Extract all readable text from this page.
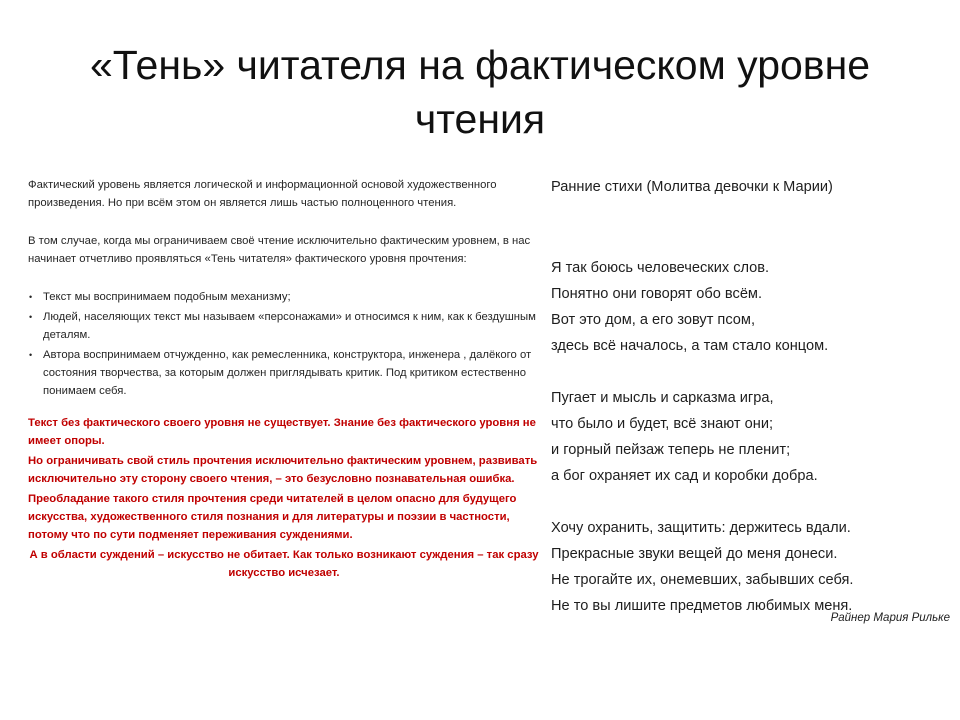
«Тень» читателя на фактическом уровне
чтения

Фактический уровень является логической и информационной основой художественного произведения. Но при всём этом он является лишь частью полноценного чтения.

В том случае, когда мы ограничиваем своё чтение исключительно фактическим уровнем, в нас начинает отчетливо проявляться «Тень читателя» фактического уровня прочтения:

• Текст мы воспринимаем подобным механизму;
• Людей, населяющих текст мы называем «персонажами» и относимся к ним, как к бездушным деталям.
• Автора воспринимаем отчужденно, как ремесленника, конструктора, инженера , далёкого от состояния творчества, за которым должен приглядывать критик. Под критиком естественно понимаем себя.

Текст без фактического своего уровня не существует. Знание без фактического уровня не имеет опоры.

Но ограничивать свой стиль прочтения исключительно фактическим уровнем, развивать исключительно эту сторону своего чтения, – это безусловно познавательная ошибка.

Преобладание такого стиля прочтения среди читателей в целом опасно для будущего искусства, художественного стиля познания и для литературы и поэзии в частности, потому что по сути подменяет переживания суждениями.

А в области суждений – искусство не обитает. Как только возникают суждения – так сразу искусство исчезает.

Ранние стихи (Молитва девочки к Марии)

Я так боюсь человеческих слов.
Понятно они говорят обо всём.
Вот это дом, а его зовут псом,
здесь всё началось, а там стало концом.
Пугает и мысль и сарказма игра,
что было и будет, всё знают они;
и горный пейзаж теперь не пленит;
а бог охраняет их сад и коробки добра.
Хочу охранить, защитить: держитесь вдали.
Прекрасные звуки вещей до меня донеси.
Не трогайте их, онемевших, забывших себя.
Не то вы лишите предметов любимых меня.
Райнер Мария Рильке
